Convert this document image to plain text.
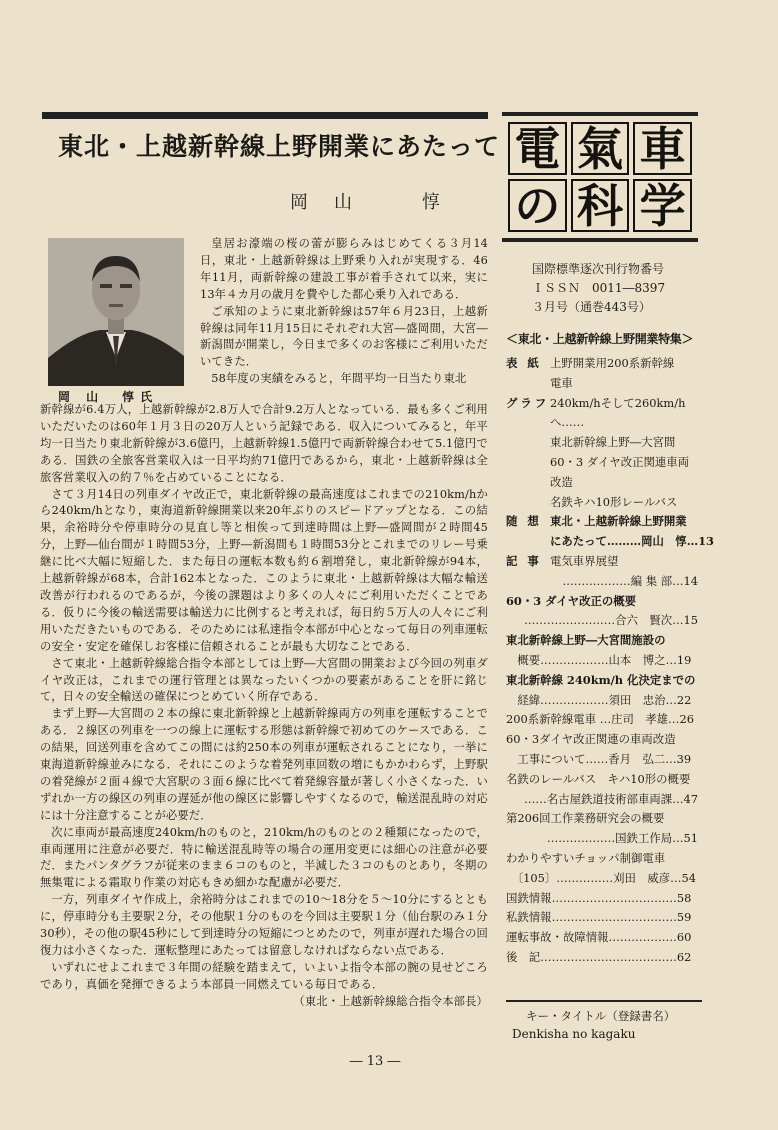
東北・上越新幹線上野開業にあたって
岡山　惇
岡 山　惇氏

皇居お濠端の桜の蕾が膨らみはじめてくる３月14日，東北・上越新幹線は上野乗り入れが実現する．46年11月，両新幹線の建設工事が着手されて以来，実に13年４カ月の歳月を費やした都心乗り入れである．

ご承知のように東北新幹線は57年６月23日，上越新幹線は同年11月15日にそれぞれ大宮―盛岡間，大宮―新潟間が開業し，今日まで多くのお客様にご利用いただいてきた．

58年度の実績をみると，年間平均一日当たり東北

新幹線が6.4万人，上越新幹線が2.8万人で合計9.2万人となっている．最も多くご利用いただいたのは60年１月３日の20万人という記録である．収入についてみると，年平均一日当たり東北新幹線が3.6億円，上越新幹線1.5億円で両新幹線合わせて5.1億円である．国鉄の全旅客営業収入は一日平均約71億円であるから，東北・上越新幹線は全旅客営業収入の約７％を占めていることになる．

さて３月14日の列車ダイヤ改正で，東北新幹線の最高速度はこれまでの210km/hから240km/hとなり，東海道新幹線開業以来20年ぶりのスピードアップとなる．この結果，余裕時分や停車時分の見直し等と相俟って到達時間は上野―盛岡間が２時間45分，上野―仙台間が１時間53分，上野―新潟間も１時間53分とこれまでのリレー号乗継に比べ大幅に短縮した．また毎日の運転本数も約６割増発し，東北新幹線が94本，上越新幹線が68本，合計162本となった．このように東北・上越新幹線は大幅な輸送改善が行われるのであるが，今後の課題はより多くの人々にご利用いただくことである．仮りに今後の輸送需要は輸送力に比例すると考えれば，毎日約５万人の人々にご利用いただきたいものである．そのためには私達指令本部が中心となって毎日の列車運転の安全・安定を確保しお客様に信頼されることが最も大切なことである．

さて東北・上越新幹線総合指令本部としては上野―大宮間の開業および今回の列車ダイヤ改正は，これまでの運行管理とは異なったいくつかの要素があることを肝に銘じて，日々の安全輸送の確保につとめていく所存である．

まず上野―大宮間の２本の線に東北新幹線と上越新幹線両方の列車を運転することである．２線区の列車を一つの線上に運転する形態は新幹線で初めてのケースである．この結果，回送列車を含めてこの間には約250本の列車が運転されることになり，一挙に東海道新幹線並みになる．それにこのような着発列車回数の増にもかかわらず，上野駅の着発線が２面４線で大宮駅の３面６線に比べて着発線容量が著しく小さくなった．いずれか一方の線区の列車の遅延が他の線区に影響しやすくなるので，輸送混乱時の対応には十分注意することが必要だ．

次に車両が最高速度240km/hのものと，210km/hのものとの２種類になったので，車両運用に注意が必要だ．特に輸送混乱時等の場合の運用変更には細心の注意が必要だ．またパンタグラフが従来のまま６コのものと，半減した３コのものとあり，冬期の無集電による霜取り作業の対応もきめ細かな配慮が必要だ．

一方，列車ダイヤ作成上，余裕時分はこれまでの10～18分を５～10分にするとともに，停車時分も主要駅２分，その他駅１分のものを今回は主要駅１分（仙台駅のみ１分30秒），その他の駅45秒にして到達時分の短縮につとめたので，列車が遅れた場合の回復力は小さくなった．運転整理にあたっては留意しなければならない点である．

いずれにせよこれまで３年間の経験を踏まえて，いよいよ指令本部の腕の見せどころであり，真価を発揮できるよう本部員一同燃えている毎日である．

（東北・上越新幹線総合指令本部長）
― 13 ―
電 氣 車
の 科 学
国際標準逐次刊行物番号
ＩＳＳＮ　0011―8397
３月号（通巻443号）
＜東北・上越新幹線上野開業特集＞
表 紙 上野開業用200系新幹線
電車
グラフ 240km/hそして260km/h
へ……
東北新幹線上野―大宮間
60・3 ダイヤ改正関連車両
改造
名鉄キハ10形レールバス
随 想 東北・上越新幹線上野開業
にあたって………岡山　惇…13
記 事 電気車界展望
………………編 集 部…14
60・3 ダイヤ改正の概要
……………………合六　賢次…15
東北新幹線上野―大宮間施設の
　概要………………山本　博之…19
東北新幹線 240km/h 化決定までの
　経緯………………須田　忠治…22
200系新幹線電車 …庄司　孝雄…26
60・3ダイヤ改正関連の車両改造
　工事について……香月　弘二…39
名鉄のレールバス　キハ10形の概要
……名古屋鉄道技術部車両課…47
第206回工作業務研究会の概要
………………国鉄工作局…51
わかりやすいチョッパ制御電車
　〔105〕……………刈田　威彦…54
国鉄情報……………………………58
私鉄情報……………………………59
運転事故・故障情報………………60
後　記………………………………62
キー・タイトル（登録書名）
Denkisha no kagaku
